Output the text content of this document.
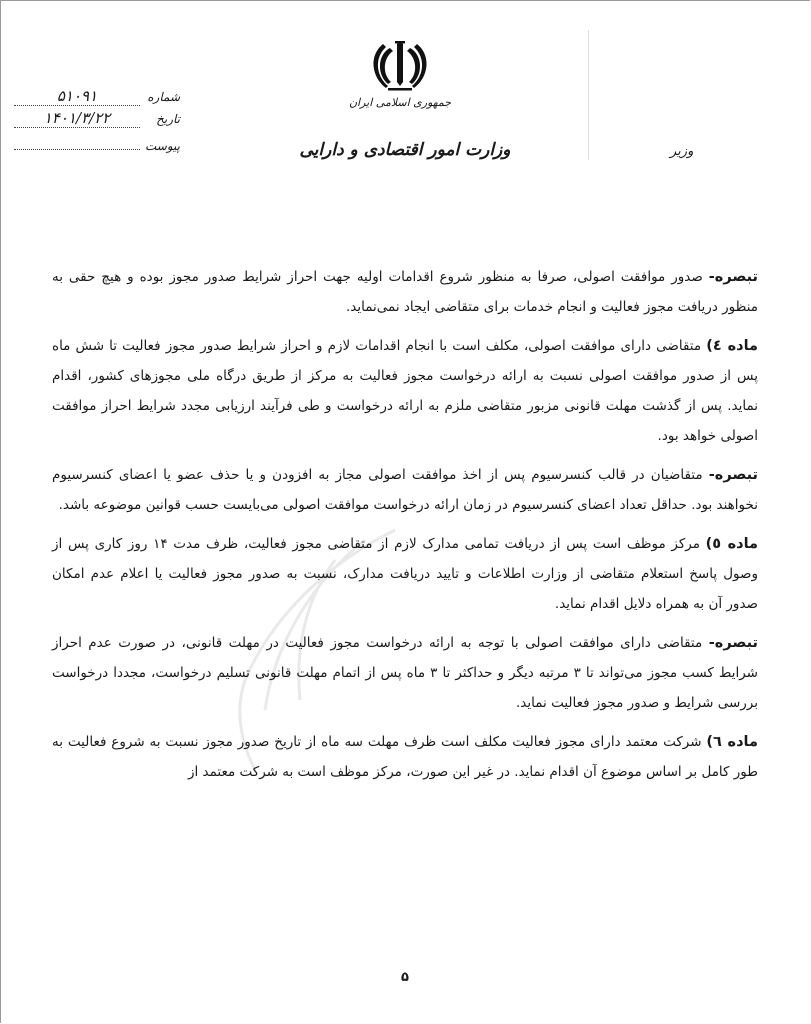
جمهوری اسلامی ایران
وزارت امور اقتصادی و دارایی	وزیر
شماره
۵۱۰۹۱
تاریخ
۱۴۰۱/۳/۲۲
پیوست

تبصره- صدور موافقت اصولی، صرفا به منظور شروع اقدامات اولیه جهت احراز شرایط صدور مجوز بوده و هیچ حقی به منظور دریافت مجوز فعالیت و انجام خدمات برای متقاضی ایجاد نمی‌نماید.

ماده ٤) متقاضی دارای موافقت اصولی، مکلف است با انجام اقدامات لازم و احراز شرایط صدور مجوز فعالیت تا شش ماه پس از صدور موافقت اصولی نسبت به ارائه درخواست مجوز فعالیت به مرکز از طریق درگاه ملی مجوزهای کشور، اقدام نماید. پس از گذشت مهلت قانونی مزبور متقاضی ملزم به ارائه درخواست و طی فرآیند ارزیابی مجدد شرایط احراز موافقت اصولی خواهد بود.

تبصره- متقاضیان در قالب کنسرسیوم پس از اخذ موافقت اصولی مجاز به افزودن و یا حذف عضو یا اعضای کنسرسیوم نخواهند بود. حداقل تعداد اعضای کنسرسیوم در زمان ارائه درخواست موافقت اصولی می‌بایست حسب قوانین موضوعه باشد.

ماده ٥) مرکز موظف است پس از دریافت تمامی مدارک لازم از متقاضی مجوز فعالیت، ظرف مدت ۱۴ روز کاری پس از وصول پاسخ استعلام متقاضی از وزارت اطلاعات و تایید دریافت مدارک، نسبت به صدور مجوز فعالیت یا اعلام عدم امکان صدور آن به همراه دلایل اقدام نماید.

تبصره- متقاضی دارای موافقت اصولی با توجه به ارائه درخواست مجوز فعالیت در مهلت قانونی، در صورت عدم احراز شرایط کسب مجوز می‌تواند تا ۳ مرتبه دیگر و حداکثر تا ۳ ماه پس از اتمام مهلت قانونی تسلیم درخواست، مجددا درخواست بررسی شرایط و صدور مجوز فعالیت نماید.

ماده ٦) شرکت معتمد دارای مجوز فعالیت مکلف است ظرف مهلت سه ماه از تاریخ صدور مجوز نسبت به شروع فعالیت به طور کامل بر اساس موضوع آن اقدام نماید. در غیر این صورت، مرکز موظف است به شرکت معتمد از

۵
